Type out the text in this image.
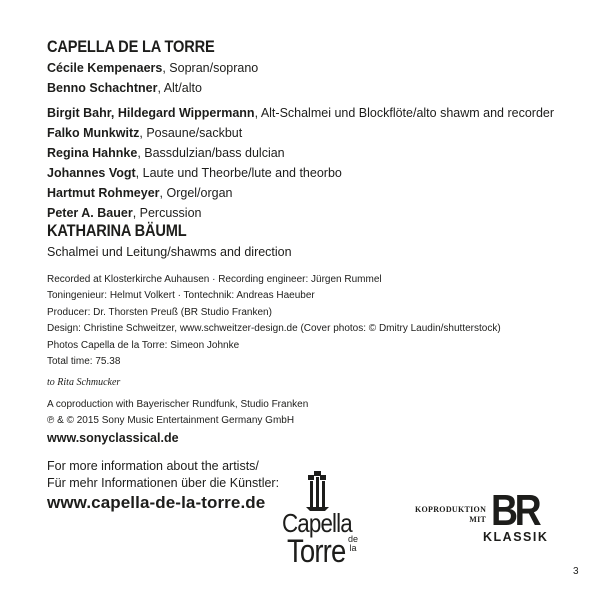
CAPELLA DE LA TORRE
Cécile Kempenaers, Sopran/soprano
Benno Schachtner, Alt/alto
Birgit Bahr, Hildegard Wippermann, Alt-Schalmei und Blockflöte/alto shawm and recorder
Falko Munkwitz, Posaune/sackbut
Regina Hahnke, Bassdulzian/bass dulcian
Johannes Vogt, Laute und Theorbe/lute and theorbo
Hartmut Rohmeyer, Orgel/organ
Peter A. Bauer, Percussion
KATHARINA BÄUML
Schalmei und Leitung/shawms and direction
Recorded at Klosterkirche Auhausen · Recording engineer: Jürgen Rummel
Toningenieur: Helmut Volkert · Tontechnik: Andreas Haeuber
Producer: Dr. Thorsten Preuß (BR Studio Franken)
Design: Christine Schweitzer, www.schweitzer-design.de (Cover photos: © Dmitry Laudin/shutterstock)
Photos Capella de la Torre: Simeon Johnke
Total time: 75.38
to Rita Schmucker
A coproduction with Bayerischer Rundfunk, Studio Franken
℗ & © 2015 Sony Music Entertainment Germany GmbH
www.sonyclassical.de
For more information about the artists/
Für mehr Informationen über die Künstler:
www.capella-de-la-torre.de
Capella
de
la
Torre
KOPRODUKTION
MIT BR
KLASSIK
3
